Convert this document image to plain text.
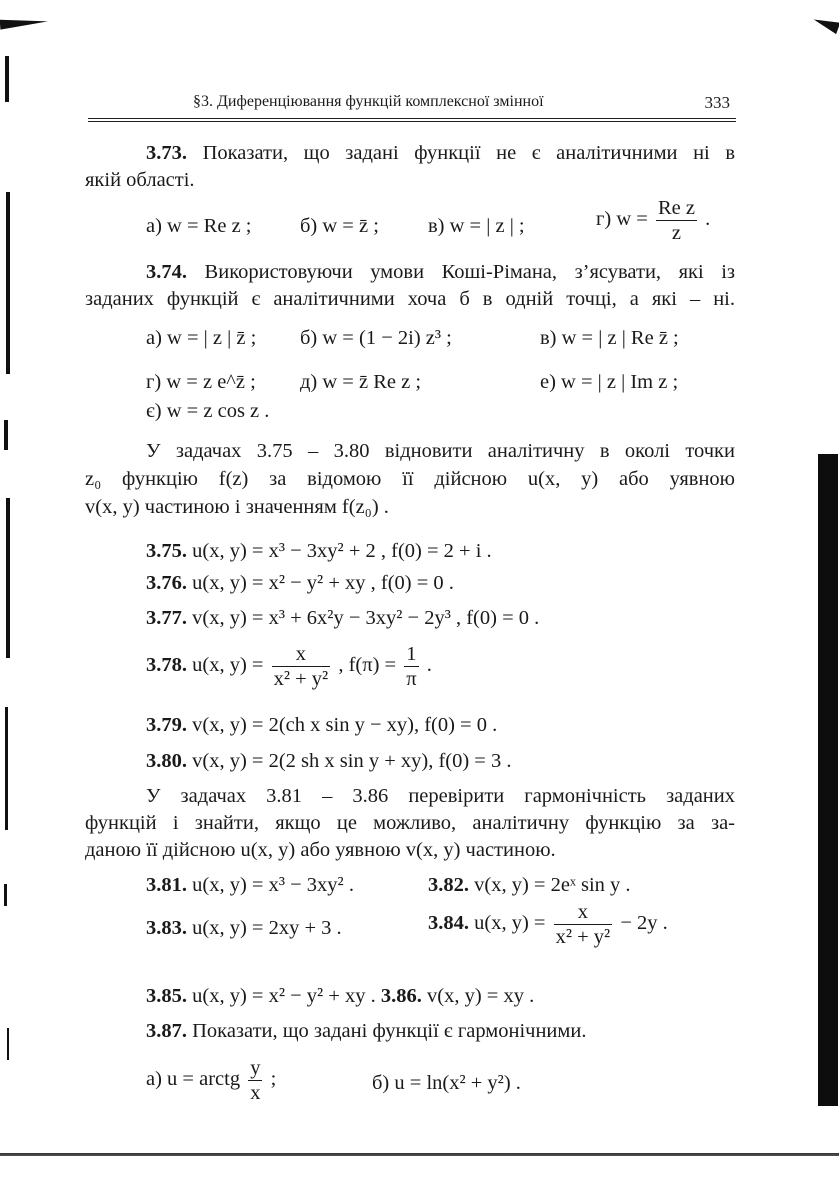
§3. Диференціювання функцій комплексної змінної	333
3.73. Показати, що задані функції не є аналітичними ні в
якій області.
а) w = Re z ; б) w = z̄ ; в) w = | z | ;	г) $w = \frac{\text{Re z}}{z}$ .
3.74. Використовуючи умови Коші-Рімана, з’ясувати, які із
заданих функцій є аналітичними хоча б в одній точці, а які – ні.
а) w = | z | z̄ ; б) w = (1 − 2i) z³ ;	в) w = | z | Re z̄ ;
г) w = z e^z̄ ; д) w = z̄ Re z ;	е) w = | z | Im z ;
є) w = z cos z .
У задачах 3.75 – 3.80 відновити аналітичну в околі точки
z₀ функцію f(z) за відомою її дійсною u(x, y) або уявною
v(x, y) частиною і значенням f(z₀) .
3.75. u(x, y) = x³ − 3xy² + 2 , f(0) = 2 + i .
3.76. u(x, y) = x² − y² + xy , f(0) = 0 .
3.77. v(x, y) = x³ + 6x²y − 3xy² − 2y³ , f(0) = 0 .
3.78. u(x, $y) = \frac{x}{\text{x² + y²}}$ , $f(\pi) = \frac{1}{\pi}$ .
3.79. v(x, y) = 2(ch x sin y − xy), f(0) = 0 .
3.80. v(x, y) = 2(2 sh x sin y + xy), f(0) = 3 .
У задачах 3.81 – 3.86 перевірити гармонічність заданих
функцій і знайти, якщо це можливо, аналітичну функцію за за-
даною її дійсною u(x, y) або уявною v(x, y) частиною.
3.81. u(x, y) = x³ − 3xy² .	3.82. v(x, y) = 2eˣ sin y .
3.83. u(x, y) = 2xy + 3 .	3.84. u(x, $y) = \frac{x}{\text{x² + y²}} - 2y$ .
3.85. u(x, y) = x² − y² + xy . 3.86. v(x, y) = xy .
3.87. Показати, що задані функції є гармонічними.
а) u = arctg $\frac{y}{x}$ ;	б) u = ln(x² + y²) .
